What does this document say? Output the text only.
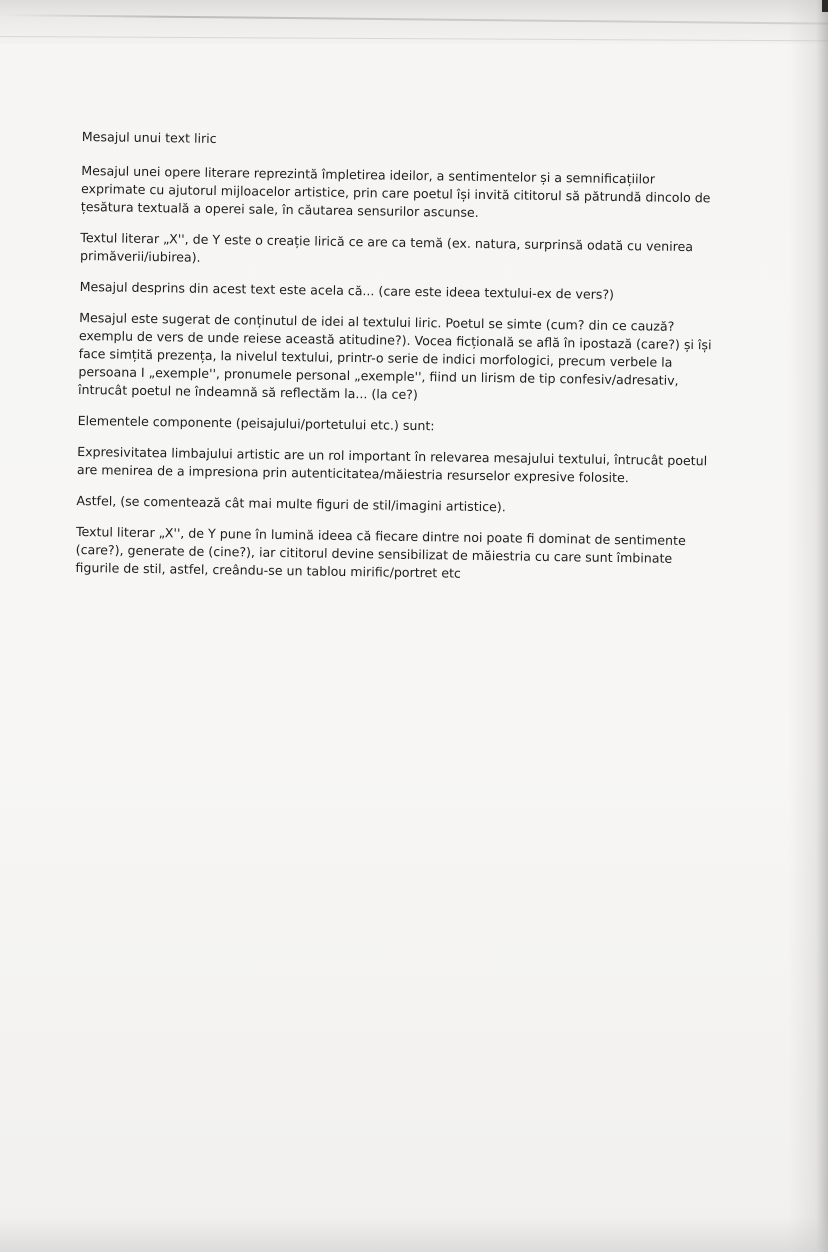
Mesajul unui text liric

Mesajul unei opere literare reprezintă împletirea ideilor, a sentimentelor și a semnificațiilor exprimate cu ajutorul mijloacelor artistice, prin care poetul își invită cititorul să pătrundă dincolo de țesătura textuală a operei sale, în căutarea sensurilor ascunse.

Textul literar „X'', de Y este o creație lirică ce are ca temă (ex. natura, surprinsă odată cu venirea primăverii/iubirea).

Mesajul desprins din acest text este acela că... (care este ideea textului-ex de vers?)

Mesajul este sugerat de conținutul de idei al textului liric. Poetul se simte (cum? din ce cauză? exemplu de vers de unde reiese această atitudine?). Vocea ficțională se află în ipostază (care?) și își face simțită prezența, la nivelul textului, printr-o serie de indici morfologici, precum verbele la persoana I „exemple'', pronumele personal „exemple'', fiind un lirism de tip confesiv/adresativ, întrucât poetul ne îndeamnă să reflectăm la... (la ce?)

Elementele componente (peisajului/portetului etc.) sunt:

Expresivitatea limbajului artistic are un rol important în relevarea mesajului textului, întrucât poetul are menirea de a impresiona prin autenticitatea/măiestria resurselor expresive folosite.

Astfel, (se comentează cât mai multe figuri de stil/imagini artistice).

Textul literar „X'', de Y pune în lumină ideea că fiecare dintre noi poate fi dominat de sentimente (care?), generate de (cine?), iar cititorul devine sensibilizat de măiestria cu care sunt îmbinate figurile de stil, astfel, creându-se un tablou mirific/portret etc
